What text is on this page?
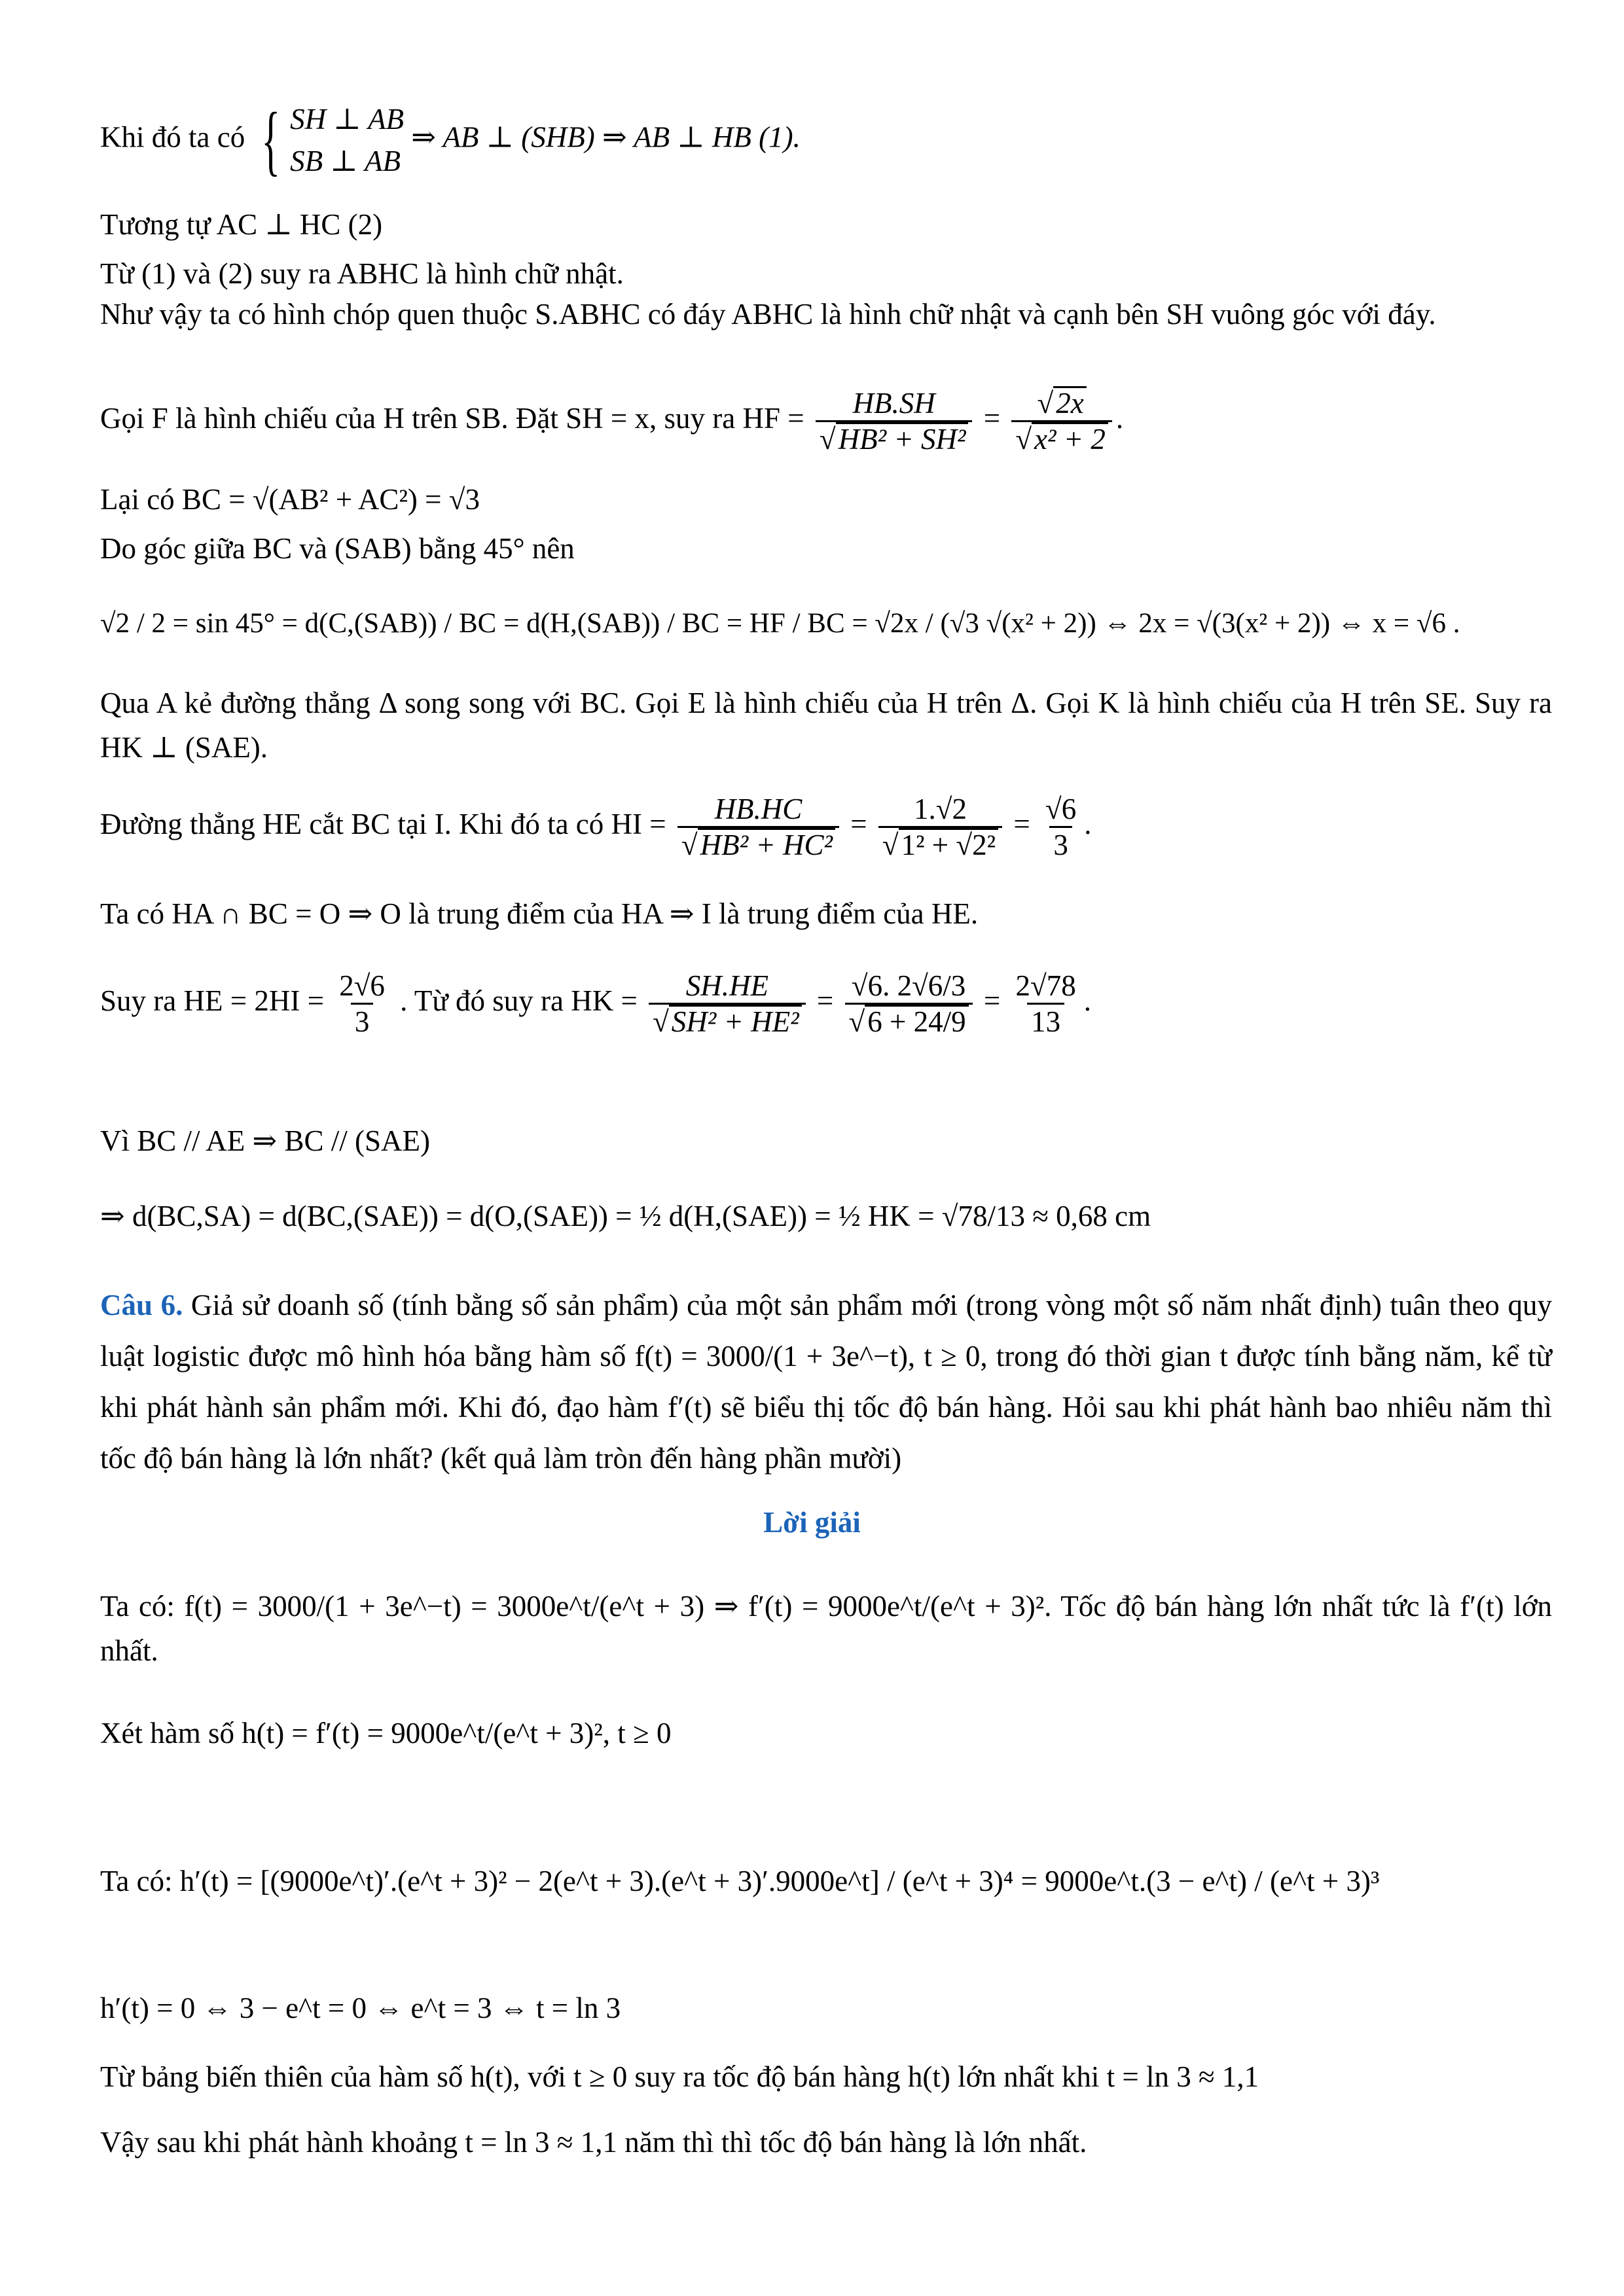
Khi đó ta có { SH ⊥ AB
SB ⊥ AB
⇒ AB ⊥ (SHB) ⇒ AB ⊥ HB (1).
Tương tự AC ⊥ HC (2)
Từ (1) và (2) suy ra ABHC là hình chữ nhật.
Như vậy ta có hình chóp quen thuộc S.ABHC có đáy ABHC là hình chữ nhật và cạnh bên SH vuông góc với đáy.
Gọi F là hình chiếu của H trên SB. Đặt SH = x, suy ra HF = HB.SH
√ HB² + SH² =
√ 2x
√ x² + 2 .
Lại có BC = √(AB² + AC²) = √3
Do góc giữa BC và (SAB) bằng 45° nên
√2 / 2 = sin 45° = d(C,(SAB)) / BC = d(H,(SAB)) / BC = HF / BC = √2x / (√3 √(x² + 2)) ⇔ 2x = √(3(x² + 2)) ⇔ x = √6 .
Qua A kẻ đường thẳng Δ song song với BC. Gọi E là hình chiếu của H trên Δ. Gọi K là hình chiếu của H trên SE. Suy ra HK ⊥ (SAE).
Đường thẳng HE cắt BC tại I. Khi đó ta có HI = HB.HC
√ HB² + HC² = 1.√2
√ $1^2 + √2^2 = \frac{√6}{3}$ .
Ta có HA ∩ BC = O ⇒ O là trung điểm của HA ⇒ I là trung điểm của HE.
Suy ra HE = $2HI = \frac{2√6}{3}$ . Từ đó suy ra HK = SH.HE
√ SH² + HE² = √6. 2√6/3
√ $6 + 24/9 = \frac{2√78}{13}$ .
Vì BC // AE ⇒ BC // (SAE)
⇒ d(BC,SA) = d(BC,(SAE)) = d(O,(SAE)) = ½ d(H,(SAE)) = ½ HK = √78/13 ≈ 0,68 cm
Câu 6. Giả sử doanh số (tính bằng số sản phẩm) của một sản phẩm mới (trong vòng một số năm nhất định) tuân theo quy luật logistic được mô hình hóa bằng hàm số f(t) = 3000/(1 + 3e^−t), t ≥ 0, trong đó thời gian t được tính bằng năm, kể từ khi phát hành sản phẩm mới. Khi đó, đạo hàm f′(t) sẽ biểu thị tốc độ bán hàng. Hỏi sau khi phát hành bao nhiêu năm thì tốc độ bán hàng là lớn nhất? (kết quả làm tròn đến hàng phần mười)
Lời giải
Ta có: f(t) = 3000/(1 + 3e^−t) = 3000e^t/(e^t + 3) ⇒ f′(t) = 9000e^t/(e^t + 3)². Tốc độ bán hàng lớn nhất tức là f′(t) lớn nhất.
Xét hàm số h(t) = f′(t) = 9000e^t/(e^t + 3)², t ≥ 0
Ta có: h′(t) = [(9000e^t)′.(e^t + 3)² − 2(e^t + 3).(e^t + 3)′.9000e^t] / (e^t + 3)⁴ = 9000e^t.(3 − e^t) / (e^t + 3)³
h′(t) = 0 ⇔ 3 − e^t = 0 ⇔ e^t = 3 ⇔ t = ln 3
Từ bảng biến thiên của hàm số h(t), với t ≥ 0 suy ra tốc độ bán hàng h(t) lớn nhất khi t = ln 3 ≈ 1,1
Vậy sau khi phát hành khoảng t = ln 3 ≈ 1,1 năm thì thì tốc độ bán hàng là lớn nhất.
